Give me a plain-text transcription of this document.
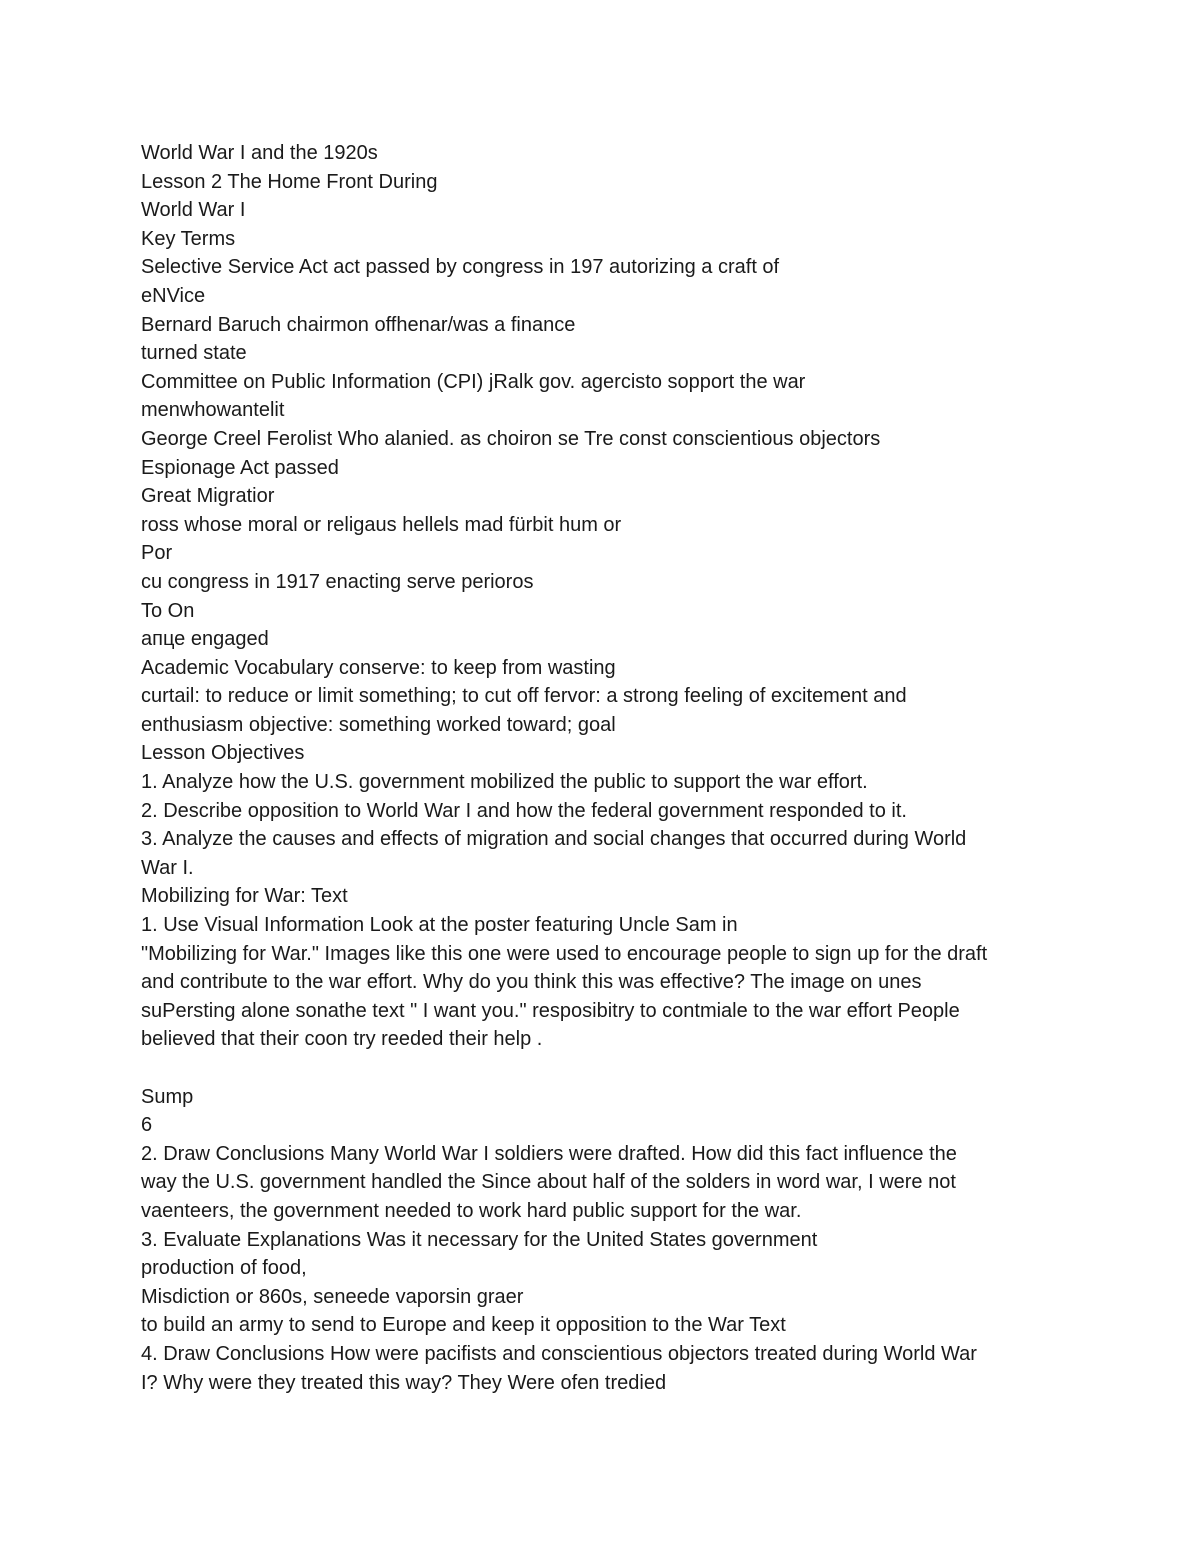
World War I and the 1920s
Lesson 2 The Home Front During
World War I
Key Terms
Selective Service Act act passed by congress in 197 autorizing a craft of
eNVice
Bernard Baruch chairmon offhenar/was a finance
turned state
Committee on Public Information (CPI) jRalk gov. agercisto sopport the war
menwhowantelit
George Creel Ferolist Who alanied. as choiron se Tre const conscientious objectors
Espionage Act passed
Great Migratior
ross whose moral or religaus hellels mad fürbit hum or
Por
cu congress in 1917 enacting serve perioros
To On
апце engaged
Academic Vocabulary conserve: to keep from wasting
curtail: to reduce or limit something; to cut off fervor: a strong feeling of excitement and
enthusiasm objective: something worked toward; goal
Lesson Objectives
1. Analyze how the U.S. government mobilized the public to support the war effort.
2. Describe opposition to World War I and how the federal government responded to it.
3. Analyze the causes and effects of migration and social changes that occurred during World
War I.
Mobilizing for War: Text
1. Use Visual Information Look at the poster featuring Uncle Sam in
"Mobilizing for War." Images like this one were used to encourage people to sign up for the draft
and contribute to the war effort. Why do you think this was effective? The image on unes
suPersting alone sonathe text " I want you." resposibitry to contmiale to the war effort People
believed that their coon try reeded their help .
Sump
6
2. Draw Conclusions Many World War I soldiers were drafted. How did this fact influence the
way the U.S. government handled the Since about half of the solders in word war, I were not
vaenteers, the government needed to work hard public support for the war.
3. Evaluate Explanations Was it necessary for the United States government
production of food,
Misdiction or 860s, seneede vaporsin graer
to build an army to send to Europe and keep it opposition to the War Text
4. Draw Conclusions How were pacifists and conscientious objectors treated during World War
I? Why were they treated this way? They Were ofen tredied
